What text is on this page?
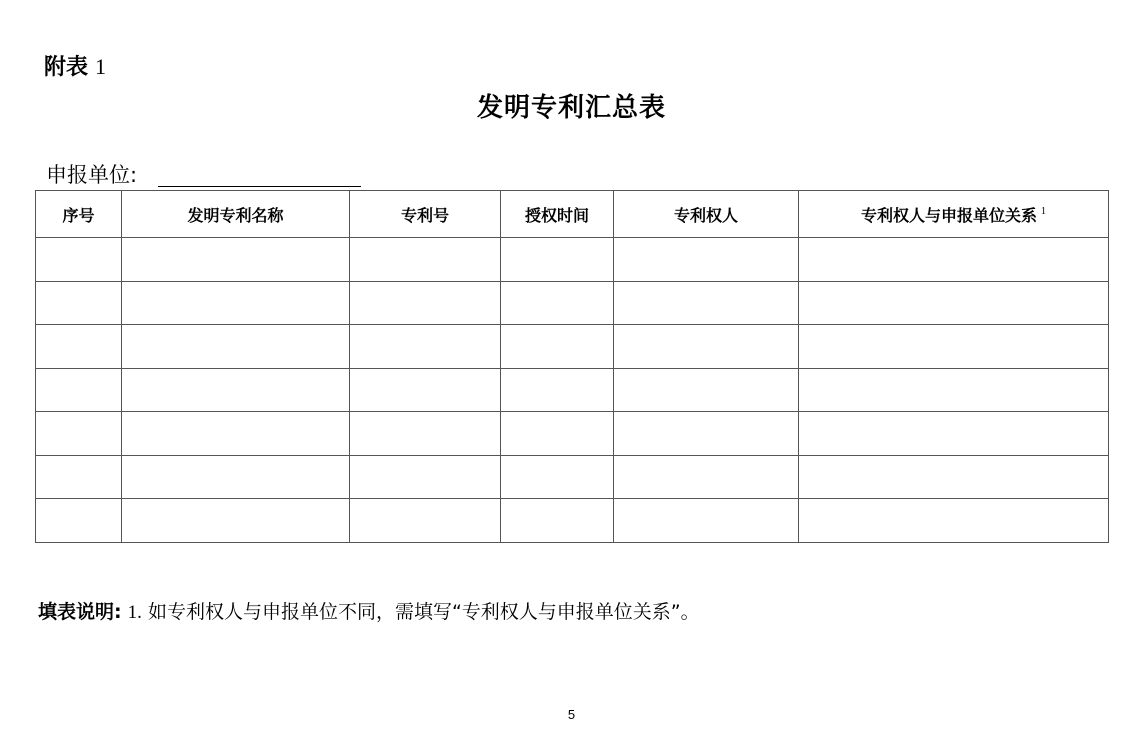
附表 1
发明专利汇总表
申报单位:
序号	发明专利名称	专利号	授权时间	专利权人	专利权人与申报单位关系 $^1$

填表说明: 1. 如专利权人与申报单位不同，需填写“专利权人与申报单位关系”。
5
